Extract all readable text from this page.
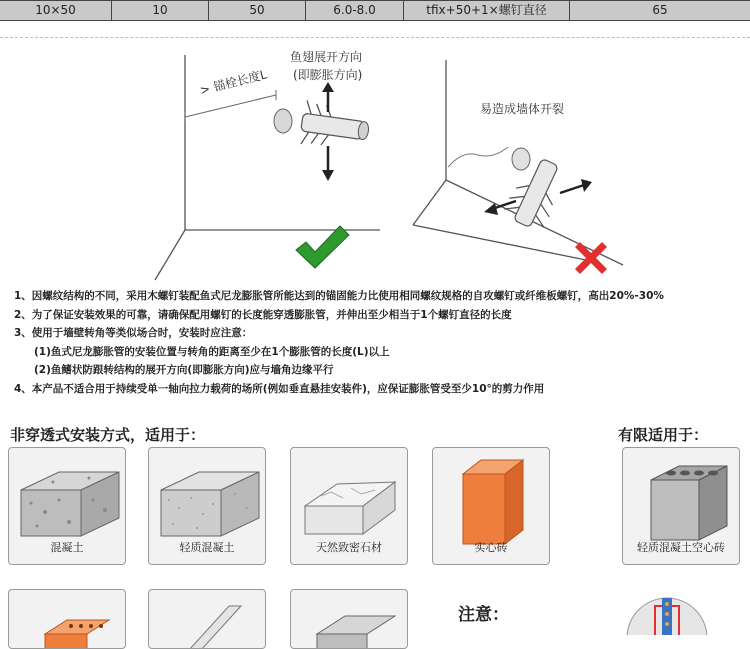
10×50	10	50	6.0-8.0	tfix+50+1×螺钉直径	65
鱼翅展开方向
(即膨胀方向)
> 锚栓长度L
易造成墙体开裂
1、因螺纹结构的不同，采用木螺钉装配鱼式尼龙膨胀管所能达到的锚固能力比使用相同螺纹规格的自攻螺钉或纤维板螺钉，高出20%-30%
2、为了保证安装效果的可靠，请确保配用螺钉的长度能穿透膨胀管，并伸出至少相当于1个螺钉直径的长度
3、使用于墙壁转角等类似场合时，安装时应注意：
(1)鱼式尼龙膨胀管的安装位置与转角的距离至少在1个膨胀管的长度(L)以上
(2)鱼鳍状防跟转结构的展开方向(即膨胀方向)应与墙角边缘平行
4、本产品不适合用于持续受单一轴向拉力载荷的场所(例如垂直悬挂安装件)，应保证膨胀管受至少10°的剪力作用
非穿透式安装方式，适用于：	有限适用于：
混凝土	轻质混凝土	天然致密石材	实心砖	轻质混凝土空心砖
注意：
